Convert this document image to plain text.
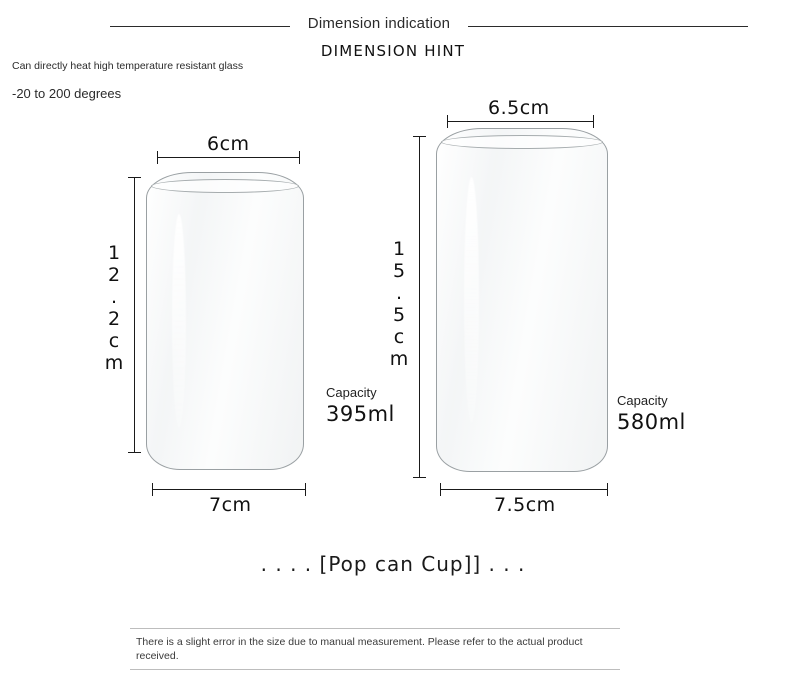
Dimension indication
DIMENSION HINT
Can directly heat high temperature resistant glass
-20 to 200 degrees
6cm
12.2cm
7cm
Capacity
395ml
6.5cm
15.5cm
7.5cm
Capacity
580ml
. . . . [Pop can Cup]] . . .
There is a slight error in the size due to manual measurement. Please refer to the actual product received.
